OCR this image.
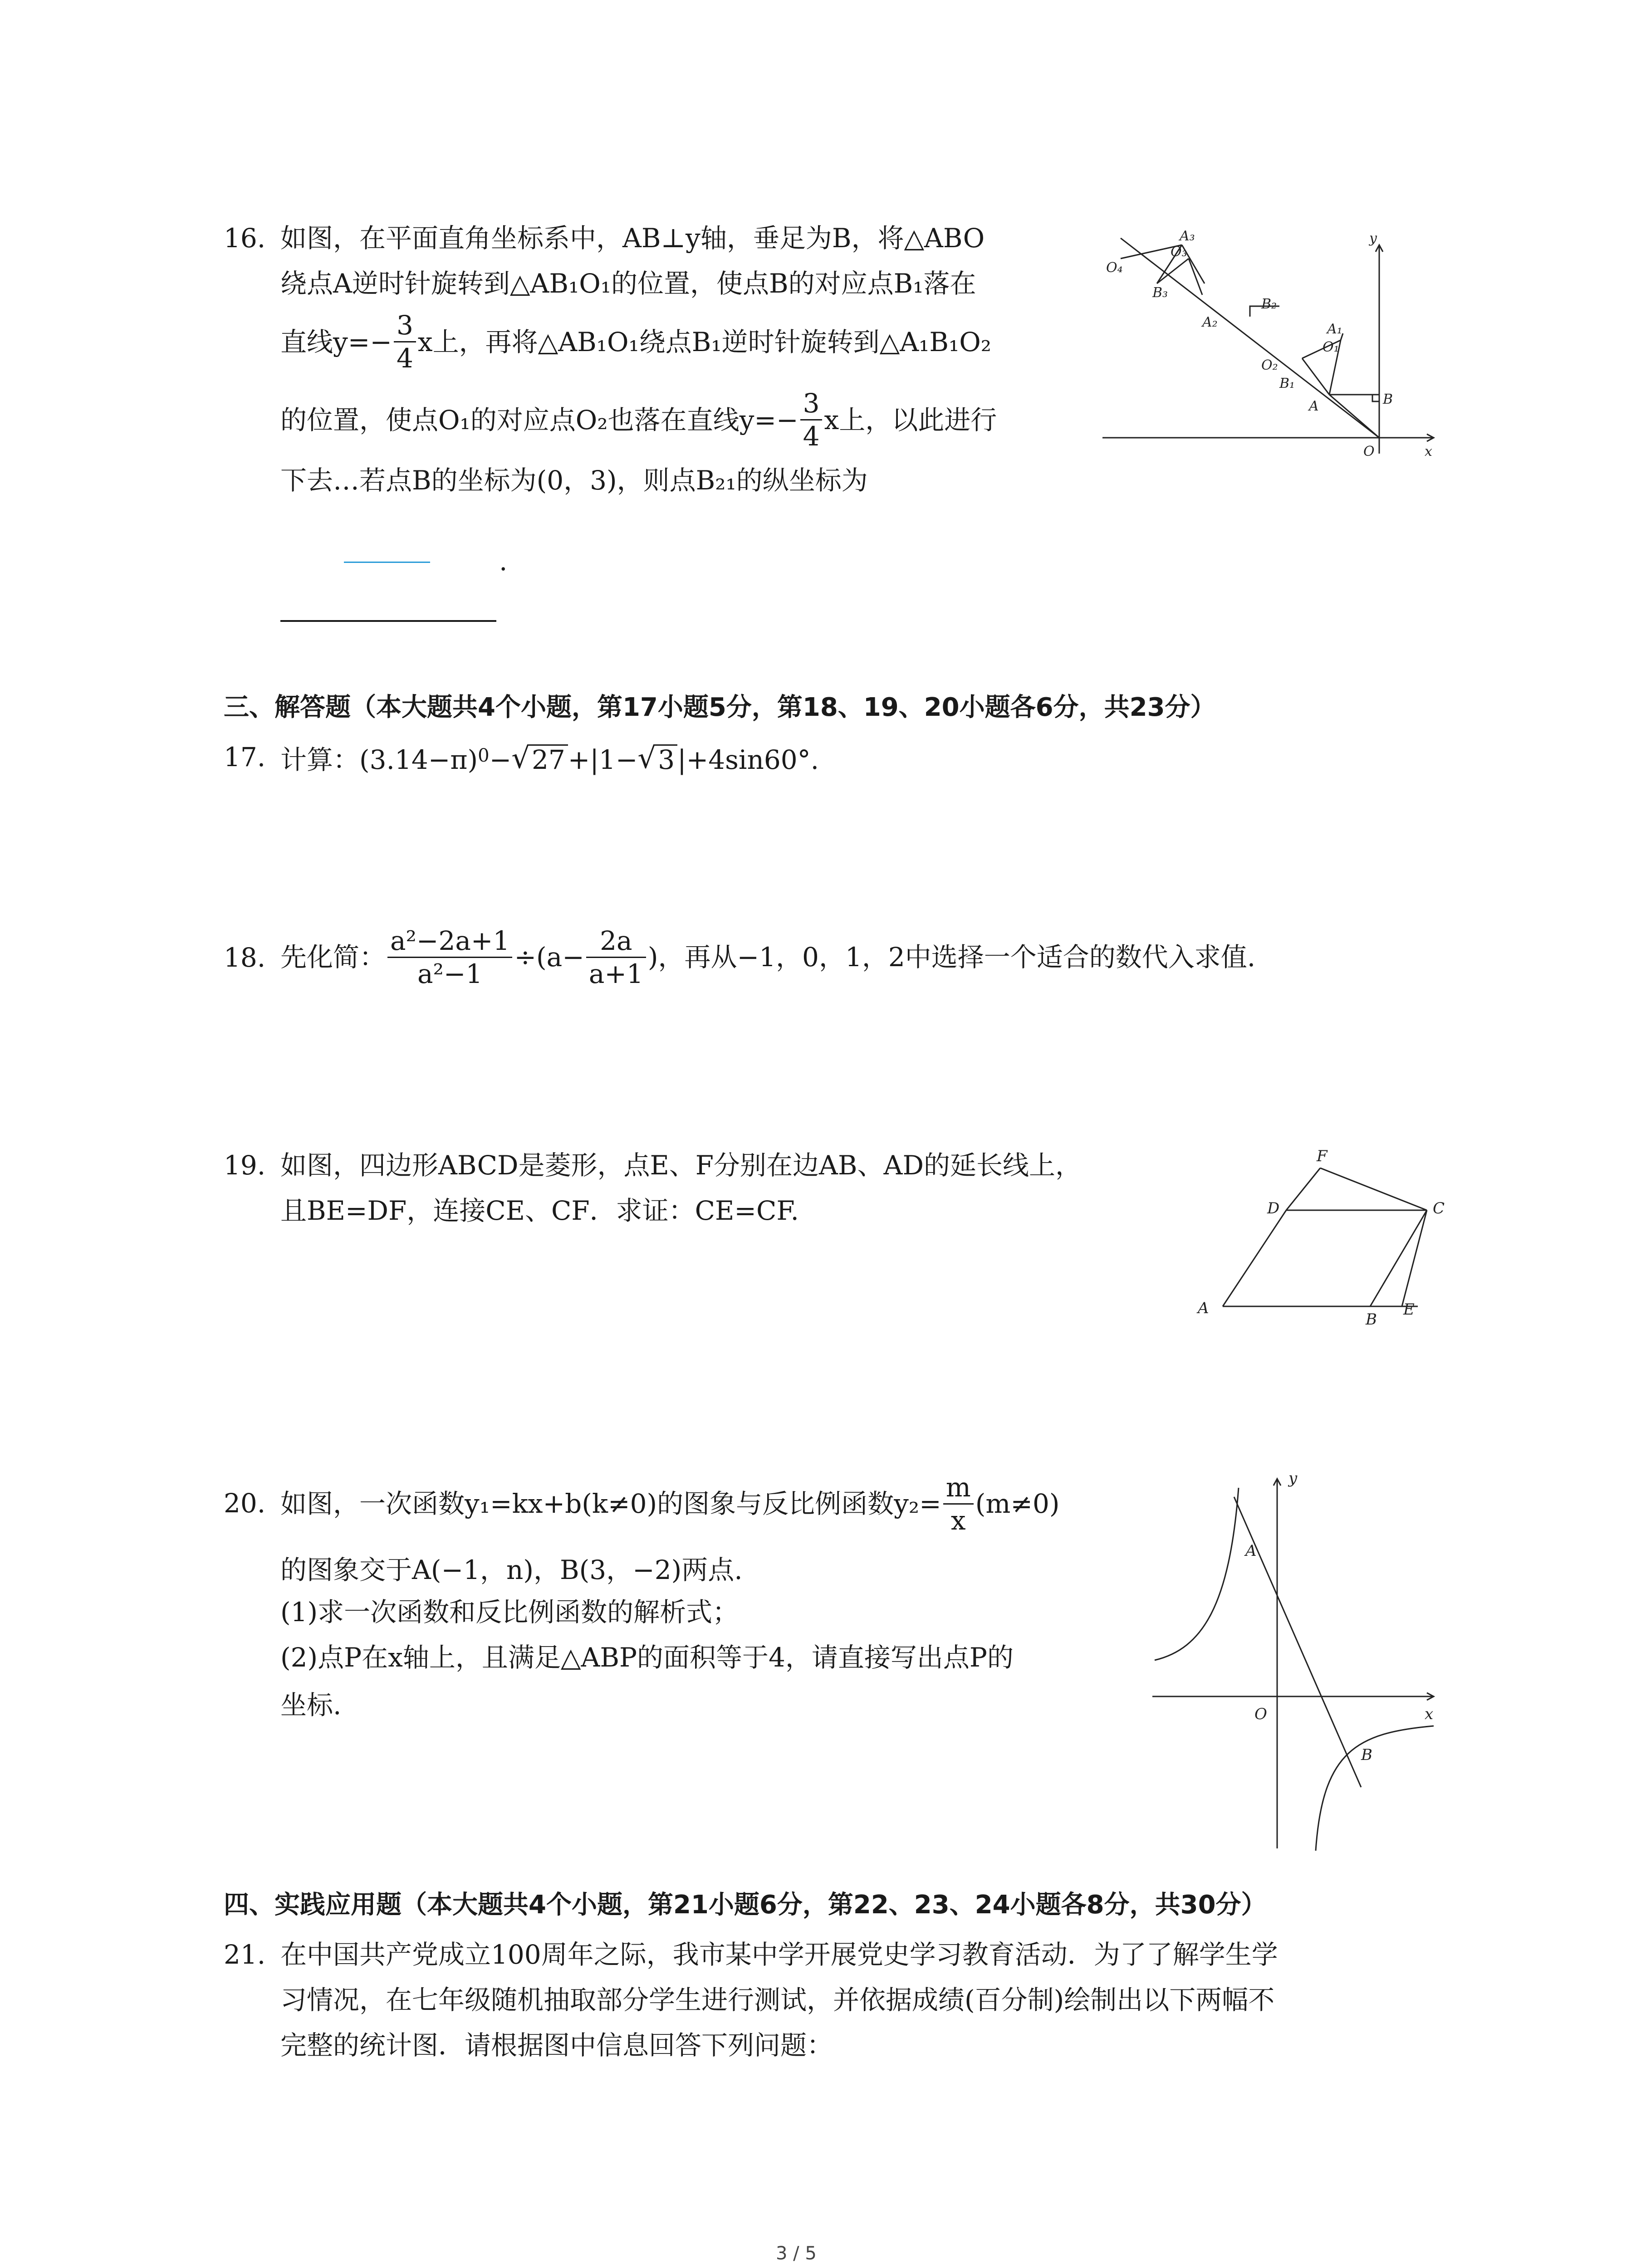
16. 如图，在平面直角坐标系中，AB⊥y轴，垂足为B，将△ABO
绕点A逆时针旋转到△AB₁O₁的位置，使点B的对应点B₁落在
直线$y=- \frac{3}{4}$ x上，再将△AB₁O₁绕点B₁逆时针旋转到△A₁B₁O₂
的位置，使点O₁的对应点O₂也落在直线$y=- \frac{3}{4}$ x上，以此进行
下去…若点B的坐标为(0，3)，则点B₂₁的纵坐标为
.
A₃
O₃
O₄
B₃
B₂
A₂	A₁
O₁
O₂
B₁
A	B
O	x
y
三、解答题（本大题共4个小题，第17小题5分，第18、19、20小题各6分，共23分）
17. 计算：$(3.14-\pi)^0$ − √ 27 +|1− √ 3 |+4sin60°.
18. 先化简： $\frac{\text{a²−2a+1}}{\text{a²−1}} \div(a- \frac{2a}{a+1}$ )，再从−1，0，1，2中选择一个适合的数代入求值.
19. 如图，四边形ABCD是菱形，点E、F分别在边AB、AD的延长线上，
且BE=DF，连接CE、CF．求证：CE=CF.
F
D	C
A
B
E
20. 如图，一次函数y₁=kx+b(k≠0)的图象与反比例函数$y_2= \frac{m}{x} (m\ne 0)$
的图象交于A(−1，n)，B(3，−2)两点.
(1)求一次函数和反比例函数的解析式；
(2)点P在x轴上，且满足△ABP的面积等于4，请直接写出点P的
坐标.
y
A
O	x
B
四、实践应用题（本大题共4个小题，第21小题6分，第22、23、24小题各8分，共30分）
21. 在中国共产党成立100周年之际，我市某中学开展党史学习教育活动．为了了解学生学
习情况，在七年级随机抽取部分学生进行测试，并依据成绩(百分制)绘制出以下两幅不
完整的统计图．请根据图中信息回答下列问题：
3 / 5
